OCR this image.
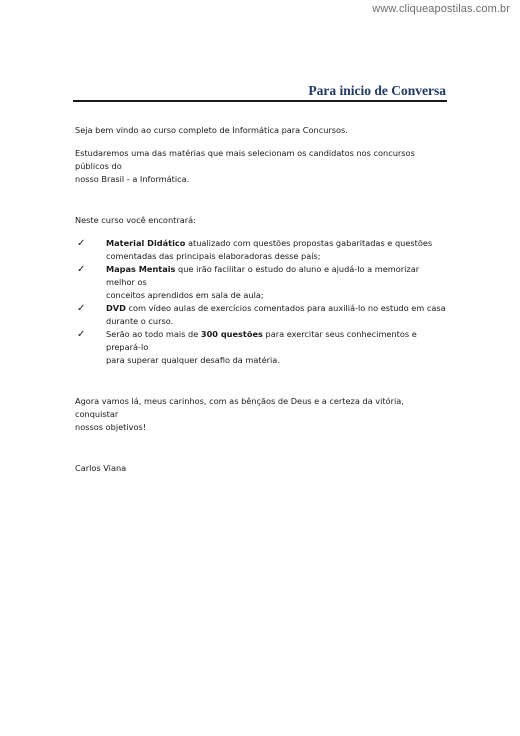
www.cliqueapostilas.com.br
Para inicio de Conversa

Seja bem vindo ao curso completo de Informática para Concursos.

Estudaremos uma das matérias que mais selecionam os candidatos nos concursos públicos do
nosso Brasil - a Informática.

Neste curso você encontrará:

✓	Material Didático atualizado com questões propostas gabaritadas e questões
comentadas das principais elaboradoras desse país;
✓	Mapas Mentais que irão facilitar o estudo do aluno e ajudá-lo a memorizar melhor os
conceitos aprendidos em sala de aula;
✓	DVD com vídeo aulas de exercícios comentados para auxiliá-lo no estudo em casa
durante o curso.
✓	Serão ao todo mais de 300 questões para exercitar seus conhecimentos e prepará-lo
para superar qualquer desafio da matéria.

Agora vamos lá, meus carinhos, com as bênçãos de Deus e a certeza da vitória, conquistar
nossos objetivos!

Carlos Viana
